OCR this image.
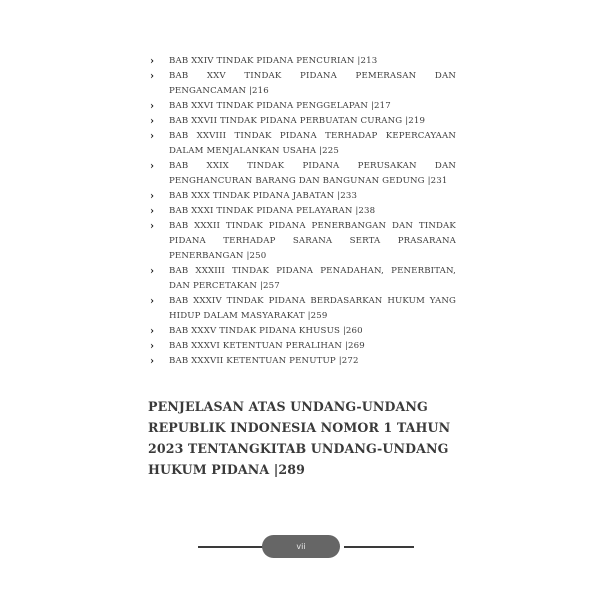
› BAB XXIV TINDAK PIDANA PENCURIAN |213
› BAB XXV TINDAK PIDANA PEMERASAN DAN PENGANCAMAN |216
› BAB XXVI TINDAK PIDANA PENGGELAPAN |217
› BAB XXVII TINDAK PIDANA PERBUATAN CURANG |219
› BAB XXVIII TINDAK PIDANA TERHADAP KEPERCAYAAN DALAM MENJALANKAN USAHA |225
› BAB XXIX TINDAK PIDANA PERUSAKAN DAN PENGHANCURAN BARANG DAN BANGUNAN GEDUNG |231
› BAB XXX TINDAK PIDANA JABATAN |233
› BAB XXXI TINDAK PIDANA PELAYARAN |238
› BAB XXXII TINDAK PIDANA PENERBANGAN DAN TINDAK PIDANA TERHADAP SARANA SERTA PRASARANA PENERBANGAN |250
› BAB XXXIII TINDAK PIDANA PENADAHAN, PENERBITAN, DAN PERCETAKAN |257
› BAB XXXIV TINDAK PIDANA BERDASARKAN HUKUM YANG HIDUP DALAM MASYARAKAT |259
› BAB XXXV TINDAK PIDANA KHUSUS |260
› BAB XXXVI KETENTUAN PERALIHAN |269
› BAB XXXVII KETENTUAN PENUTUP |272
PENJELASAN ATAS UNDANG-UNDANG REPUBLIK INDONESIA NOMOR 1 TAHUN 2023 TENTANGKITAB UNDANG-UNDANG HUKUM PIDANA |289
vii
